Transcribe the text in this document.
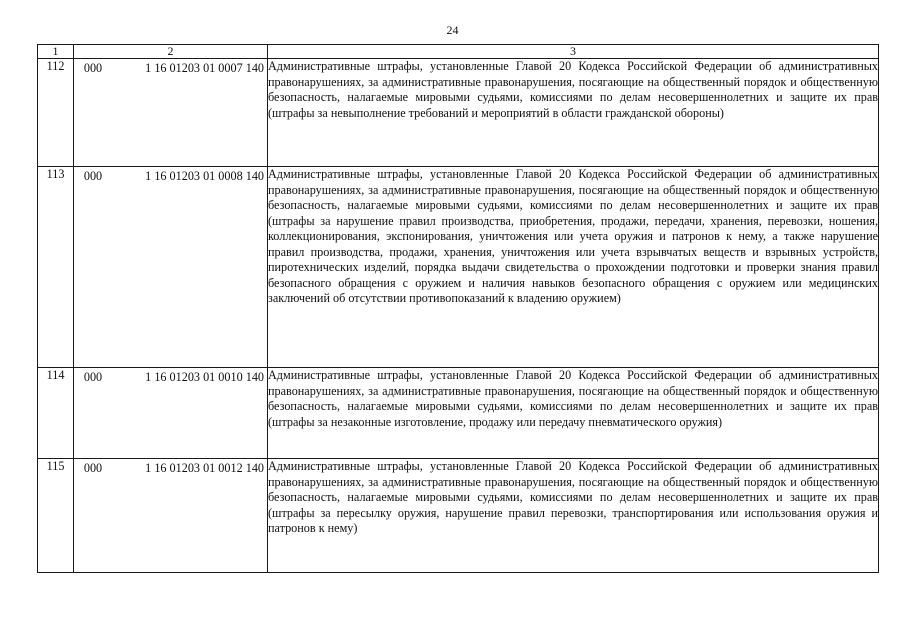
24
1	2	3
112	000 1 16 01203 01 0007 140	Административные штрафы, установленные Главой 20 Кодекса Российской Федерации об административных правонарушениях, за административные правонарушения, посягающие на общественный порядок и общественную безопасность, налагаемые мировыми судьями, комиссиями по делам несовершеннолетних и защите их прав (штрафы за невыполнение требований и мероприятий в области гражданской обороны)
113	000 1 16 01203 01 0008 140	Административные штрафы, установленные Главой 20 Кодекса Российской Федерации об административных правонарушениях, за административные правонарушения, посягающие на общественный порядок и общественную безопасность, налагаемые мировыми судьями, комиссиями по делам несовершеннолетних и защите их прав (штрафы за нарушение правил производства, приобретения, продажи, передачи, хранения, перевозки, ношения, коллекционирования, экспонирования, уничтожения или учета оружия и патронов к нему, а также нарушение правил производства, продажи, хранения, уничтожения или учета взрывчатых веществ и взрывных устройств, пиротехнических изделий, порядка выдачи свидетельства о прохождении подготовки и проверки знания правил безопасного обращения с оружием и наличия навыков безопасного обращения с оружием или медицинских заключений об отсутствии противопоказаний к владению оружием)
114	000 1 16 01203 01 0010 140	Административные штрафы, установленные Главой 20 Кодекса Российской Федерации об административных правонарушениях, за административные правонарушения, посягающие на общественный порядок и общественную безопасность, налагаемые мировыми судьями, комиссиями по делам несовершеннолетних и защите их прав (штрафы за незаконные изготовление, продажу или передачу пневматического оружия)
115	000 1 16 01203 01 0012 140	Административные штрафы, установленные Главой 20 Кодекса Российской Федерации об административных правонарушениях, за административные правонарушения, посягающие на общественный порядок и общественную безопасность, налагаемые мировыми судьями, комиссиями по делам несовершеннолетних и защите их прав (штрафы за пересылку оружия, нарушение правил перевозки, транспортирования или использования оружия и патронов к нему)
